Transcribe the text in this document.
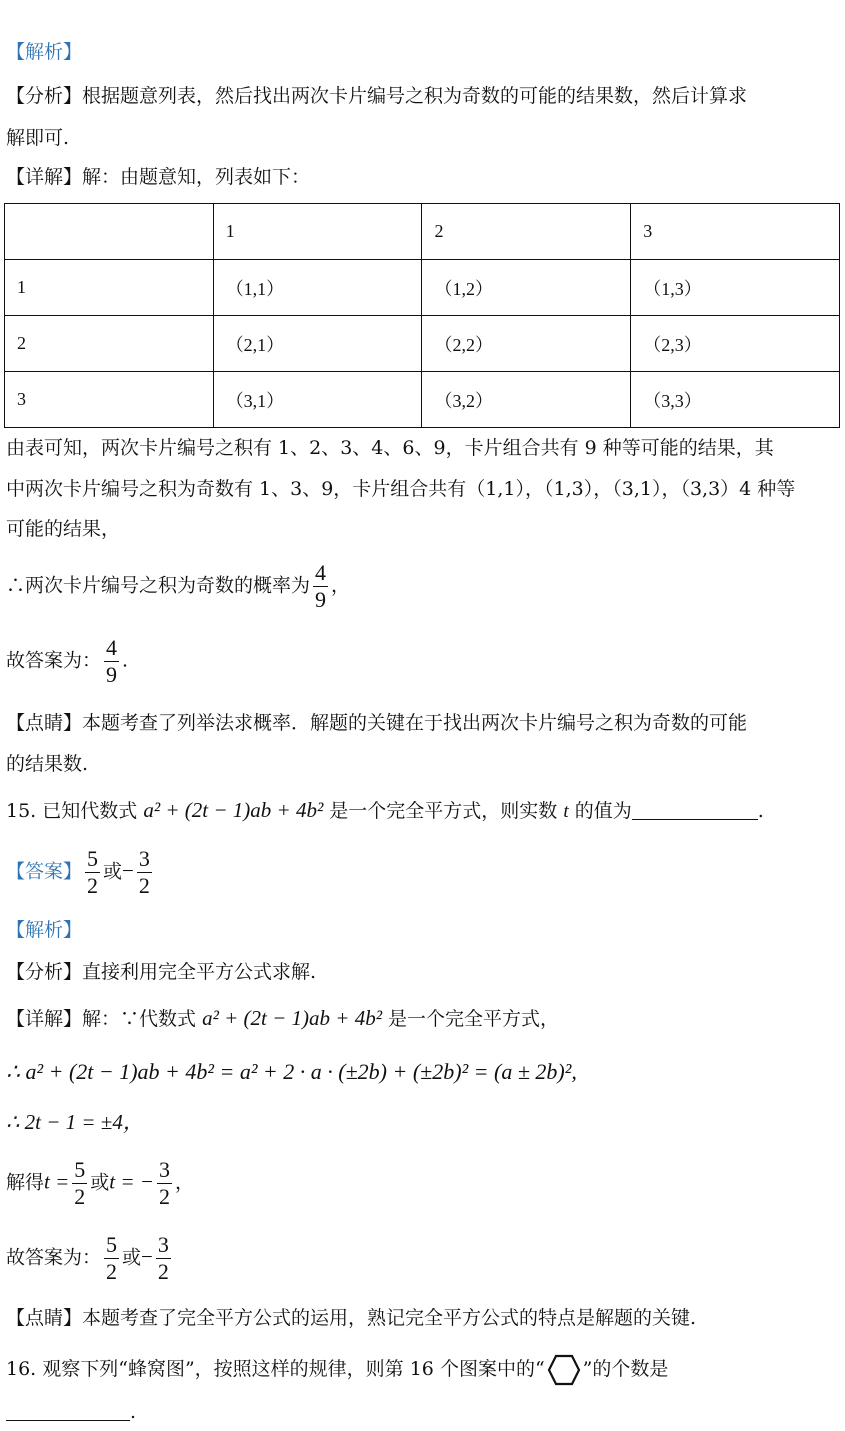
【解析】
【分析】根据题意列表，然后找出两次卡片编号之积为奇数的可能的结果数，然后计算求
解即可.
【详解】解：由题意知，列表如下：
	1	2	3
1	（1,1）	（1,2）	（1,3）
2	（2,1）	（2,2）	（2,3）
3	（3,1）	（3,2）	（3,3）
由表可知，两次卡片编号之积有 1、2、3、4、6、9，卡片组合共有 9 种等可能的结果，其
中两次卡片编号之积为奇数有 1、3、9，卡片组合共有（1,1），（1,3），（3,1），（3,3）4 种等
可能的结果，
∴两次卡片编号之积为奇数的概率为 $\frac{4}{9}$ ，
故答案为： $\frac{4}{9}$ .
【点睛】本题考查了列举法求概率．解题的关键在于找出两次卡片编号之积为奇数的可能
的结果数.
15. 已知代数式 a² + (2t − 1)ab + 4b² 是一个完全平方式，则实数 t 的值为	.
【答案】 $\frac{5}{2}$ 或− $\frac{3}{2}$
【解析】
【分析】直接利用完全平方公式求解.
【详解】解：∵代数式 a² + (2t − 1)ab + 4b² 是一个完全平方式，
∴ a² + (2t − 1)ab + 4b² = a² + 2 · a · (±2b) + (±2b)² = (a ± 2b)²,
∴ 2t − 1 = ±4，
解得$t = \frac{5}{2}$ 或t = − $\frac{3}{2}$ ，
故答案为： $\frac{5}{2}$ 或− $\frac{3}{2}$
【点睛】本题考查了完全平方公式的运用，熟记完全平方公式的特点是解题的关键.
16. 观察下列“蜂窝图”，按照这样的规律，则第 16 个图案中的“ ”的个数是
.
